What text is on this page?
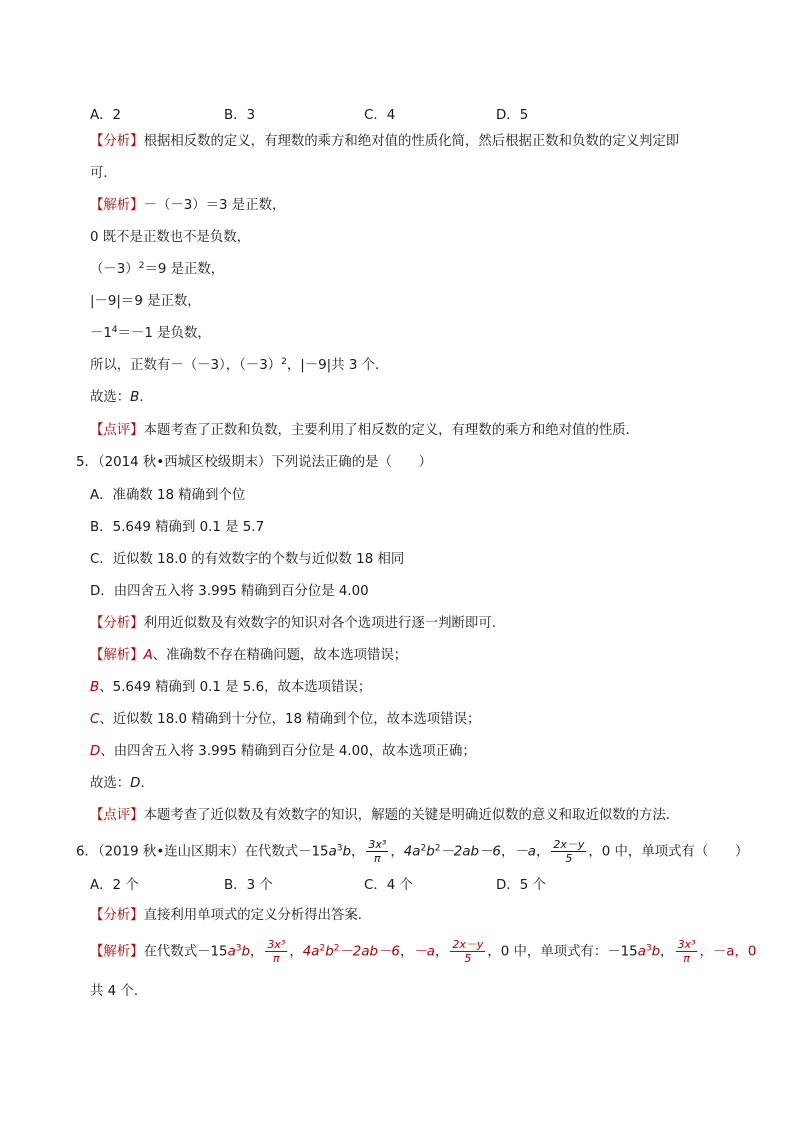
A．2	B．3	C．4	D．5
【分析】根据相反数的定义，有理数的乘方和绝对值的性质化简，然后根据正数和负数的定义判定即
可．
【解析】－（－3）＝3 是正数，
0 既不是正数也不是负数，
$(-3)^2=9$ 是正数，
|－9|＝9 是正数，
$-1^4=-1$ 是负数，
所以，正数有－（－3），$(-3)^2$，|－9|共 3 个．
故选：B．
【点评】本题考查了正数和负数，主要利用了相反数的定义，有理数的乘方和绝对值的性质．
5．（2014 秋•西城区校级期末）下列说法正确的是（　　）
A．准确数 18 精确到个位
B．5.649 精确到 0.1 是 5.7
C．近似数 18.0 的有效数字的个数与近似数 18 相同
D．由四舍五入将 3.995 精确到百分位是 4.00
【分析】利用近似数及有效数字的知识对各个选项进行逐一判断即可．
【解析】A、准确数不存在精确问题，故本选项错误；
B、5.649 精确到 0.1 是 5.6，故本选项错误；
C、近似数 18.0 精确到十分位，18 精确到个位，故本选项错误；
D、由四舍五入将 3.995 精确到百分位是 4.00，故本选项正确；
故选：D．
【点评】本题考查了近似数及有效数字的知识，解题的关键是明确近似数的意义和取近似数的方法．
6．（2019 秋•连山区期末）在代数式$-15a^3b$， $\frac{\text{3x³}}{\pi}$ ，$4a^2b^2-2ab-6$，－a， $\frac{2x-y}{5}$ ，0 中，单项式有（　　）
A．2 个	B．3 个	C．4 个	D．5 个
【分析】直接利用单项式的定义分析得出答案．
【解析】在代数式$-15a^3b$， $\frac{\text{3x³}}{\pi}$ ，$4a^2b^2-2ab-6$，－a， $\frac{2x-y}{5}$ ，0 中，单项式有：$-15a^3b$， $\frac{\text{3x³}}{\pi}$ ，－a，0
共 4 个．
